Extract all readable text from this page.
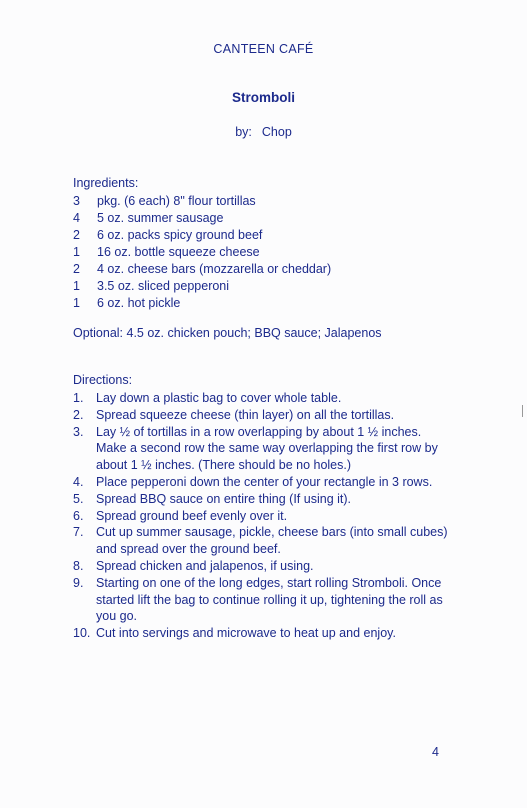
CANTEEN CAFÉ
Stromboli
by: Chop
Ingredients:
3 pkg. (6 each) 8" flour tortillas
4 5 oz. summer sausage
2 6 oz. packs spicy ground beef
1 16 oz. bottle squeeze cheese
2 4 oz. cheese bars (mozzarella or cheddar)
1 3.5 oz. sliced pepperoni
1 6 oz. hot pickle
Optional: 4.5 oz. chicken pouch; BBQ sauce; Jalapenos
Directions:
1.	Lay down a plastic bag to cover whole table.
2.	Spread squeeze cheese (thin layer) on all the tortillas.
3.	Lay ½ of tortillas in a row overlapping by about 1 ½ inches. Make a second row the same way overlapping the first row by about 1 ½ inches. (There should be no holes.)
4.	Place pepperoni down the center of your rectangle in 3 rows.
5.	Spread BBQ sauce on entire thing (If using it).
6.	Spread ground beef evenly over it.
7.	Cut up summer sausage, pickle, cheese bars (into small cubes) and spread over the ground beef.
8.	Spread chicken and jalapenos, if using.
9.	Starting on one of the long edges, start rolling Stromboli. Once started lift the bag to continue rolling it up, tightening the roll as you go.
10. Cut into servings and microwave to heat up and enjoy.
4
